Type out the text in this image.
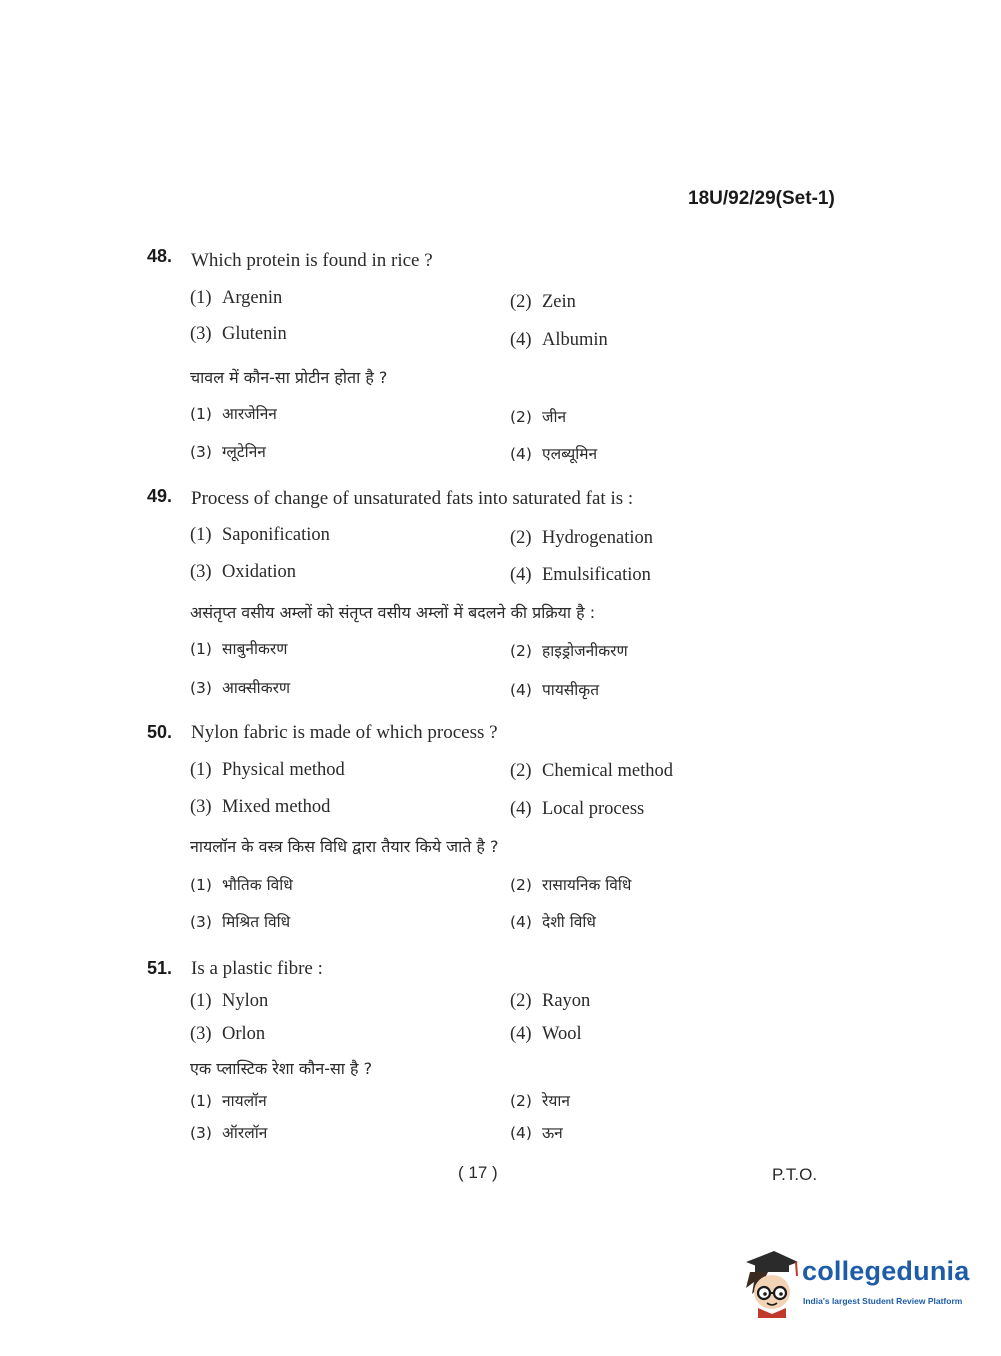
18U/92/29(Set-1)
48. Which protein is found in rice ?
(1) Argenin	(2) Zein
(3) Glutenin	(4) Albumin
चावल में कौन-सा प्रोटीन होता है ?
(1) आरजेनिन	(2) जीन
(3) ग्लूटेनिन	(4) एलब्यूमिन
49. Process of change of unsaturated fats into saturated fat is :
(1) Saponification	(2) Hydrogenation
(3) Oxidation	(4) Emulsification
असंतृप्त वसीय अम्लों को संतृप्त वसीय अम्लों में बदलने की प्रक्रिया है :
(1) साबुनीकरण	(2) हाइड्रोजनीकरण
(3) आक्सीकरण	(4) पायसीकृत
50. Nylon fabric is made of which process ?
(1) Physical method	(2) Chemical method
(3) Mixed method	(4) Local process
नायलॉन के वस्त्र किस विधि द्वारा तैयार किये जाते है ?
(1) भौतिक विधि	(2) रासायनिक विधि
(3) मिश्रित विधि	(4) देशी विधि
51. Is a plastic fibre :
(1) Nylon	(2) Rayon
(3) Orlon	(4) Wool
एक प्लास्टिक रेशा कौन-सा है ?
(1) नायलॉन	(2) रेयान
(3) ऑरलॉन	(4) ऊन
( 17 )	P.T.O.
collegedunia
India's largest Student Review Platform
